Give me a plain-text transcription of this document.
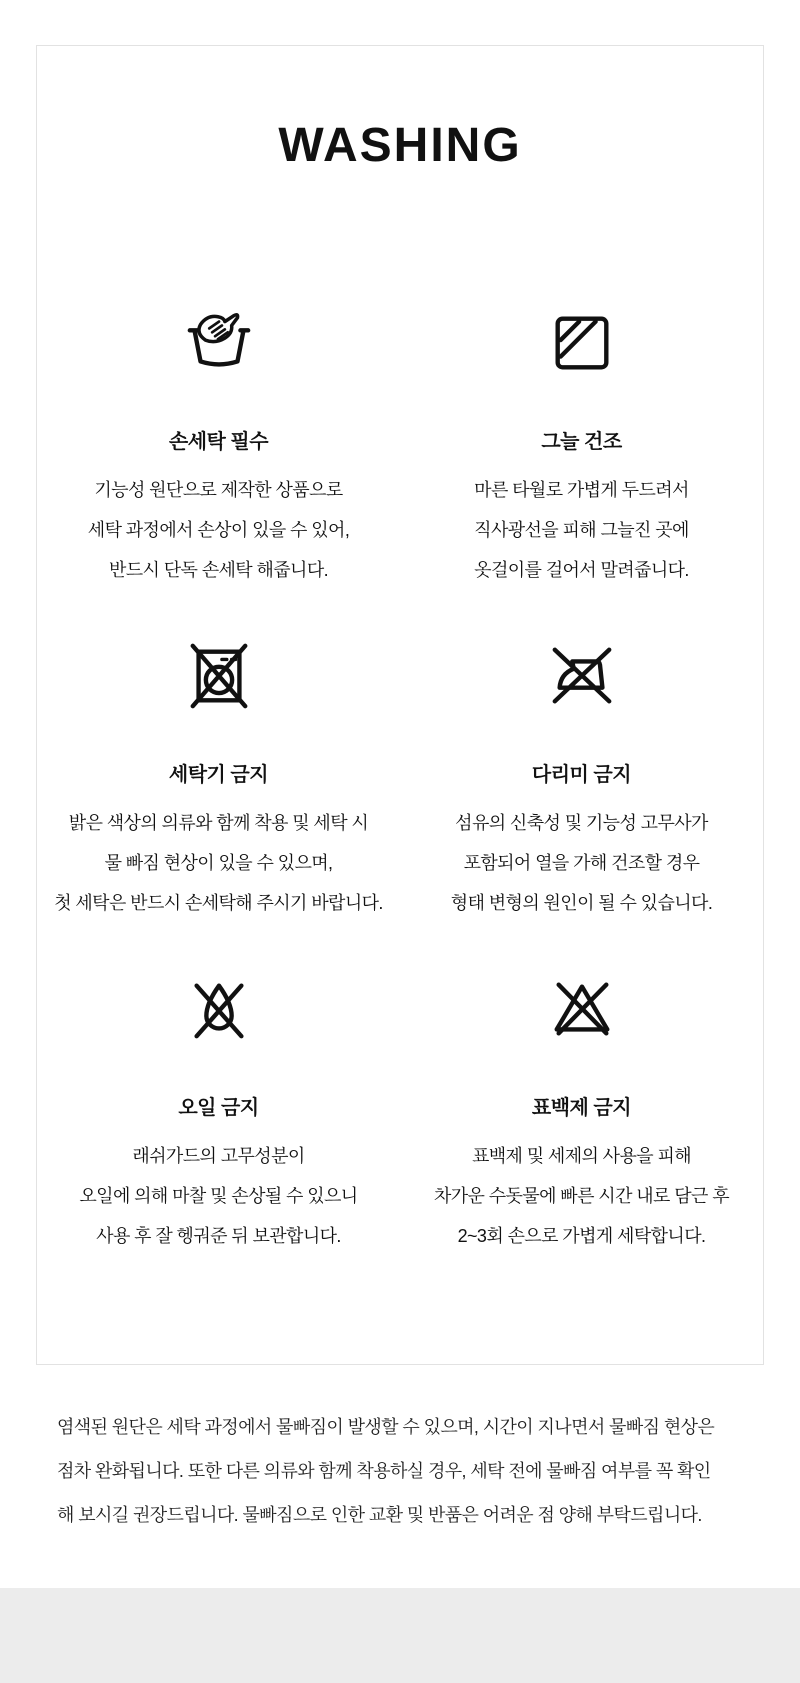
WASHING
손세탁 필수
기능성 원단으로 제작한 상품으로
세탁 과정에서 손상이 있을 수 있어,
반드시 단독 손세탁 해줍니다.
그늘 건조
마른 타월로 가볍게 두드려서
직사광선을 피해 그늘진 곳에
옷걸이를 걸어서 말려줍니다.
세탁기 금지
밝은 색상의 의류와 함께 착용 및 세탁 시
물 빠짐 현상이 있을 수 있으며,
첫 세탁은 반드시 손세탁해 주시기 바랍니다.
다리미 금지
섬유의 신축성 및 기능성 고무사가
포함되어 열을 가해 건조할 경우
형태 변형의 원인이 될 수 있습니다.
오일 금지
래쉬가드의 고무성분이
오일에 의해 마찰 및 손상될 수 있으니
사용 후 잘 헹궈준 뒤 보관합니다.
표백제 금지
표백제 및 세제의 사용을 피해
차가운 수돗물에 빠른 시간 내로 담근 후
2~3회 손으로 가볍게 세탁합니다.
염색된 원단은 세탁 과정에서 물빠짐이 발생할 수 있으며, 시간이 지나면서 물빠짐 현상은
점차 완화됩니다. 또한 다른 의류와 함께 착용하실 경우, 세탁 전에 물빠짐 여부를 꼭 확인
해 보시길 권장드립니다. 물빠짐으로 인한 교환 및 반품은 어려운 점 양해 부탁드립니다.
